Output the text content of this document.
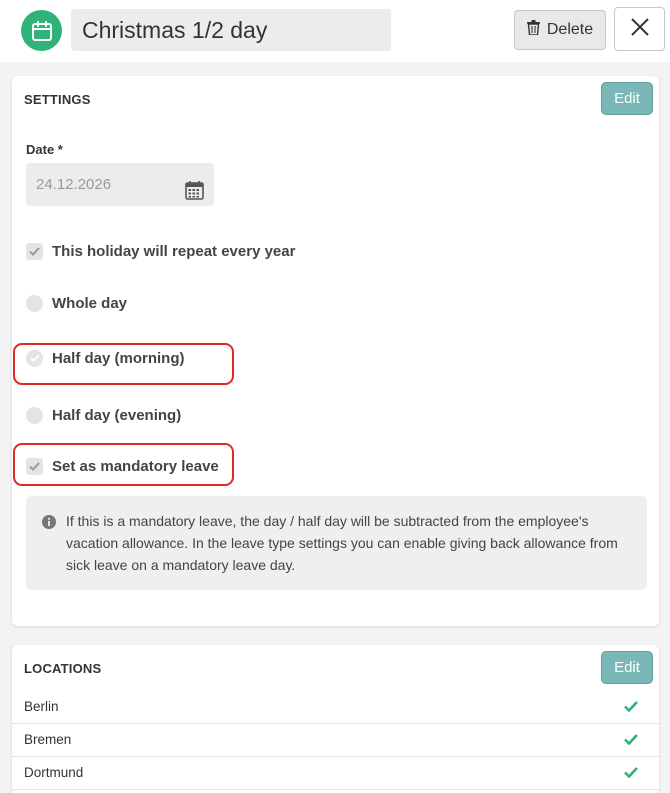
Christmas 1/2 day	Delete
SETTINGS	Edit
Date *
24.12.2026
This holiday will repeat every year
Whole day
Half day (morning)
Half day (evening)
Set as mandatory leave
If this is a mandatory leave, the day / half day will be subtracted from the employee's vacation allowance. In the leave type settings you can enable giving back allowance from sick leave on a mandatory leave day.
LOCATIONS	Edit
Berlin
Bremen
Dortmund
